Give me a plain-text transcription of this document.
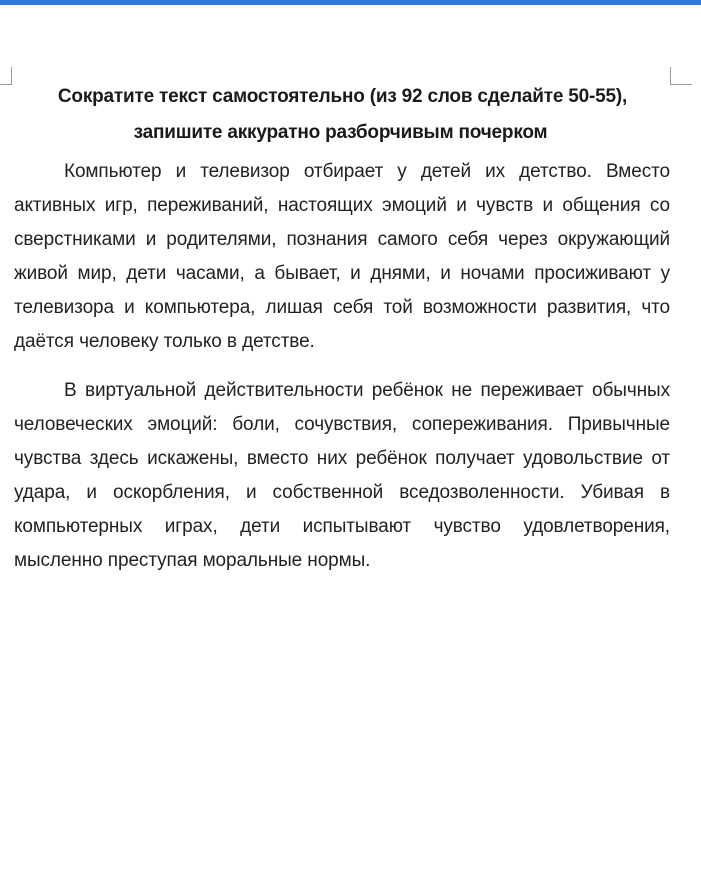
Сократите текст самостоятельно (из 92 слов сделайте 50-55),
запишите аккуратно разборчивым почерком

Компьютер и телевизор отбирает у детей их детство. Вместо активных игр, переживаний, настоящих эмоций и чувств и общения со сверстниками и родителями, познания самого себя через окружающий живой мир, дети часами, а бывает, и днями, и ночами просиживают у телевизора и компьютера, лишая себя той возможности развития, что даётся человеку только в детстве.

В виртуальной действительности ребёнок не переживает обычных человеческих эмоций: боли, сочувствия, сопереживания. Привычные чувства здесь искажены, вместо них ребёнок получает удовольствие от удара, и оскорбления, и собственной вседозволенности. Убивая в компьютерных играх, дети испытывают чувство удовлетворения, мысленно преступая моральные нормы.
